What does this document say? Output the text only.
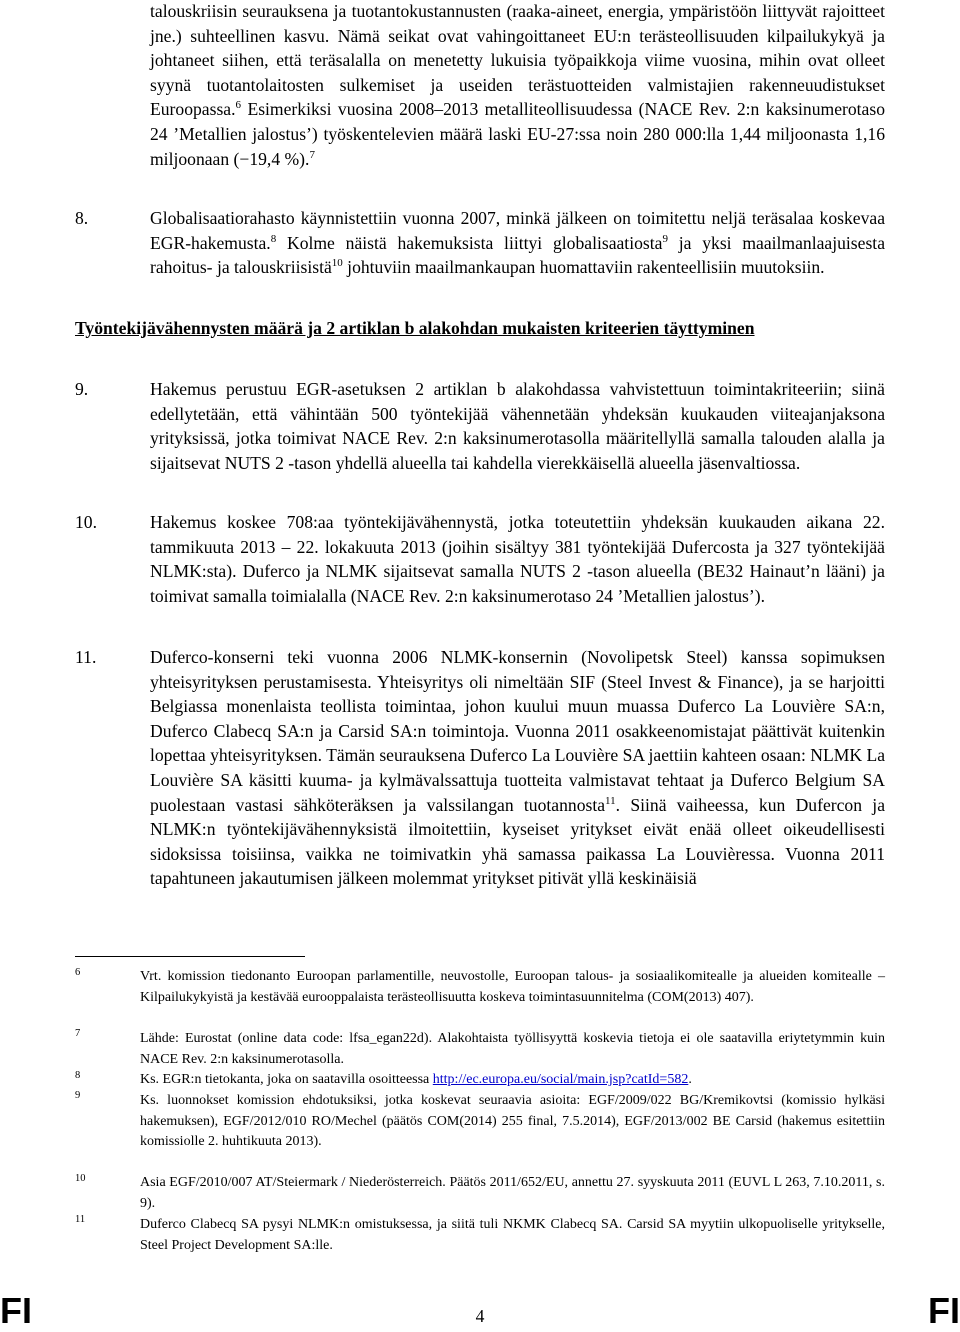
talouskriisin seurauksena ja tuotantokustannusten (raaka-aineet, energia, ympäristöön liittyvät rajoitteet jne.) suhteellinen kasvu. Nämä seikat ovat vahingoittaneet EU:n terästeollisuuden kilpailukykyä ja johtaneet siihen, että teräsalalla on menetetty lukuisia työpaikkoja viime vuosina, mihin ovat olleet syynä tuotantolaitosten sulkemiset ja useiden terästuotteiden valmistajien rakenneuudistukset Euroopassa.$^6$ Esimerkiksi vuosina 2008–2013 metalliteollisuudessa (NACE Rev. 2:n kaksinumerotaso 24 ’Metallien jalostus’) työskentelevien määrä laski EU-27:ssa noin 280 000:lla 1,44 miljoonasta 1,16 miljoonaan (−19,4 %).$^7$
8.	Globalisaatiorahasto käynnistettiin vuonna 2007, minkä jälkeen on toimitettu neljä teräsalaa koskevaa EGR-hakemusta.$^8$ Kolme näistä hakemuksista liittyi globalisaatiosta$^9$ ja yksi maailmanlaajuisesta rahoitus- ja talouskriisistä$^{10}$ johtuviin maailmankaupan huomattaviin rakenteellisiin muutoksiin.
Työntekijävähennysten määrä ja 2 artiklan b alakohdan mukaisten kriteerien täyttyminen
9.	Hakemus perustuu EGR-asetuksen 2 artiklan b alakohdassa vahvistettuun toimintakriteeriin; siinä edellytetään, että vähintään 500 työntekijää vähennetään yhdeksän kuukauden viiteajanjaksona yrityksissä, jotka toimivat NACE Rev. 2:n kaksinumerotasolla määritellyllä samalla talouden alalla ja sijaitsevat NUTS 2 -tason yhdellä alueella tai kahdella vierekkäisellä alueella jäsenvaltiossa.
10.	Hakemus koskee 708:aa työntekijävähennystä, jotka toteutettiin yhdeksän kuukauden aikana 22. tammikuuta 2013 – 22. lokakuuta 2013 (joihin sisältyy 381 työntekijää Dufercosta ja 327 työntekijää NLMK:sta). Duferco ja NLMK sijaitsevat samalla NUTS 2 -tason alueella (BE32 Hainaut’n lääni) ja toimivat samalla toimialalla (NACE Rev. 2:n kaksinumerotaso 24 ’Metallien jalostus’).
11.	Duferco-konserni teki vuonna 2006 NLMK-konsernin (Novolipetsk Steel) kanssa sopimuksen yhteisyrityksen perustamisesta. Yhteisyritys oli nimeltään SIF (Steel Invest & Finance), ja se harjoitti Belgiassa monenlaista teollista toimintaa, johon kuului muun muassa Duferco La Louvière SA:n, Duferco Clabecq SA:n ja Carsid SA:n toimintoja. Vuonna 2011 osakkeenomistajat päättivät kuitenkin lopettaa yhteisyrityksen. Tämän seurauksena Duferco La Louvière SA jaettiin kahteen osaan: NLMK La Louvière SA käsitti kuuma- ja kylmävalssattuja tuotteita valmistavat tehtaat ja Duferco Belgium SA puolestaan vastasi sähköteräksen ja valssilangan tuotannosta$^{11}$. Siinä vaiheessa, kun Dufercon ja NLMK:n työntekijävähennyksistä ilmoitettiin, kyseiset yritykset eivät enää olleet oikeudellisesti sidoksissa toisiinsa, vaikka ne toimivatkin yhä samassa paikassa La Louvièressa. Vuonna 2011 tapahtuneen jakautumisen jälkeen molemmat yritykset pitivät yllä keskinäisiä
6	Vrt. komission tiedonanto Euroopan parlamentille, neuvostolle, Euroopan talous- ja sosiaalikomitealle ja alueiden komitealle – Kilpailukykyistä ja kestävää eurooppalaista terästeollisuutta koskeva toimintasuunnitelma (COM(2013) 407).
7	Lähde: Eurostat (online data code: lfsa_egan22d). Alakohtaista työllisyyttä koskevia tietoja ei ole saatavilla eriytetymmin kuin NACE Rev. 2:n kaksinumerotasolla.
8	Ks. EGR:n tietokanta, joka on saatavilla osoitteessa http://ec.europa.eu/social/main.jsp?catId=582.
9	Ks. luonnokset komission ehdotuksiksi, jotka koskevat seuraavia asioita: EGF/2009/022 BG/Kremikovtsi (komissio hylkäsi hakemuksen), EGF/2012/010 RO/Mechel (päätös COM(2014) 255 final, 7.5.2014), EGF/2013/002 BE Carsid (hakemus esitettiin komissiolle 2. huhtikuuta 2013).
10	Asia EGF/2010/007 AT/Steiermark / Niederösterreich. Päätös 2011/652/EU, annettu 27. syyskuuta 2011 (EUVL L 263, 7.10.2011, s. 9).
11	Duferco Clabecq SA pysyi NLMK:n omistuksessa, ja siitä tuli NKMK Clabecq SA. Carsid SA myytiin ulkopuoliselle yritykselle, Steel Project Development SA:lle.
FI	4	FI
